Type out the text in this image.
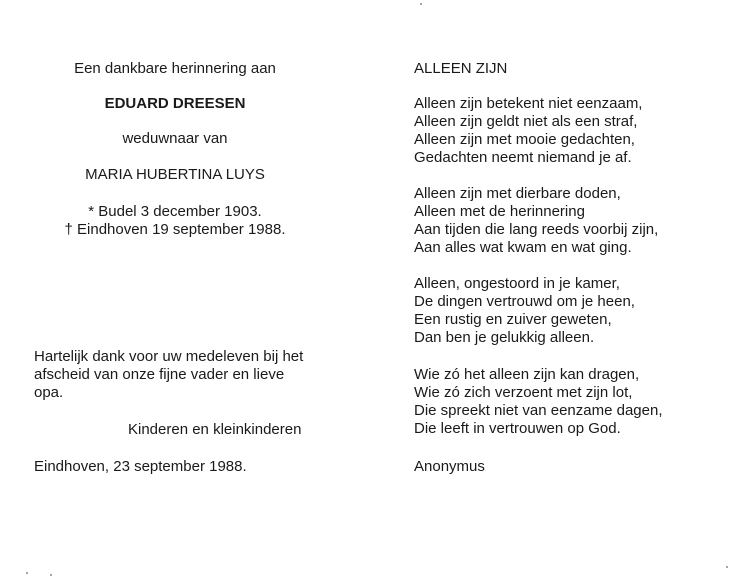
Een dankbare herinnering aan
EDUARD DREESEN
weduwnaar van
MARIA HUBERTINA LUYS
* Budel 3 december 1903.
† Eindhoven 19 september 1988.
Hartelijk dank voor uw medeleven bij het
afscheid van onze fijne vader en lieve
opa.
Kinderen en kleinkinderen
Eindhoven, 23 september 1988.
ALLEEN ZIJN
Alleen zijn betekent niet eenzaam,
Alleen zijn geldt niet als een straf,
Alleen zijn met mooie gedachten,
Gedachten neemt niemand je af.
Alleen zijn met dierbare doden,
Alleen met de herinnering
Aan tijden die lang reeds voorbij zijn,
Aan alles wat kwam en wat ging.
Alleen, ongestoord in je kamer,
De dingen vertrouwd om je heen,
Een rustig en zuiver geweten,
Dan ben je gelukkig alleen.
Wie zó het alleen zijn kan dragen,
Wie zó zich verzoent met zijn lot,
Die spreekt niet van eenzame dagen,
Die leeft in vertrouwen op God.
Anonymus
